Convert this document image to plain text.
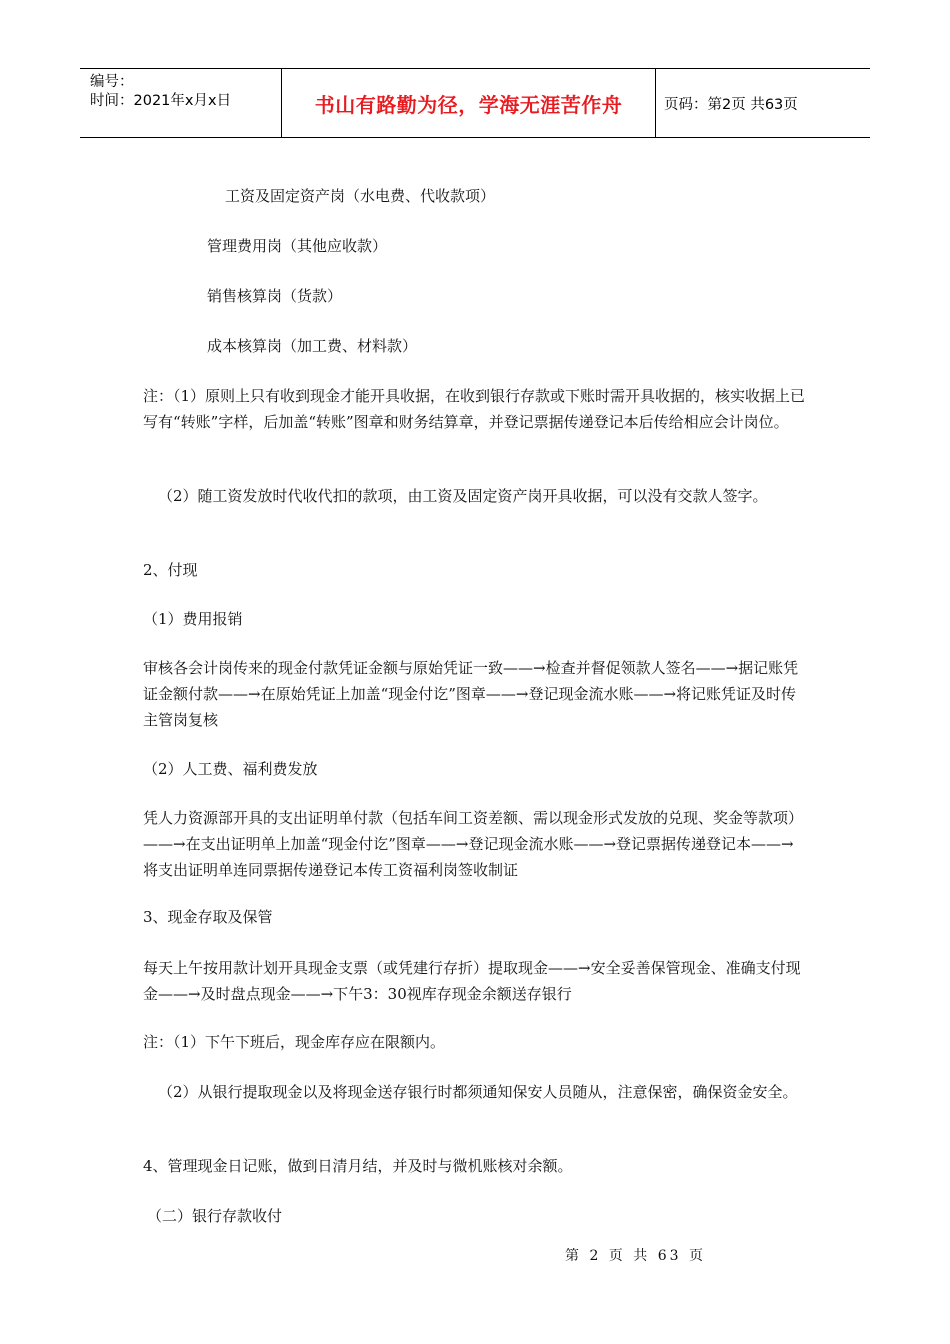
编号：
时间：2021年x月x日	书山有路勤为径，学海无涯苦作舟	页码：第2页 共63页
工资及固定资产岗（水电费、代收款项）
管理费用岗（其他应收款）
销售核算岗（货款）
成本核算岗（加工费、材料款）
注：（1）原则上只有收到现金才能开具收据，在收到银行存款或下账时需开具收据的，核实收据上已写有“转账”字样，后加盖“转账”图章和财务结算章，并登记票据传递登记本后传给相应会计岗位。
（2）随工资发放时代收代扣的款项，由工资及固定资产岗开具收据，可以没有交款人签字。
2、付现
（1）费用报销
审核各会计岗传来的现金付款凭证金额与原始凭证一致——→检查并督促领款人签名——→据记账凭证金额付款——→在原始凭证上加盖“现金付讫”图章——→登记现金流水账——→将记账凭证及时传主管岗复核
（2）人工费、福利费发放
凭人力资源部开具的支出证明单付款（包括车间工资差额、需以现金形式发放的兑现、奖金等款项）——→在支出证明单上加盖“现金付讫”图章——→登记现金流水账——→登记票据传递登记本——→将支出证明单连同票据传递登记本传工资福利岗签收制证
3、现金存取及保管
每天上午按用款计划开具现金支票（或凭建行存折）提取现金——→安全妥善保管现金、准确支付现金——→及时盘点现金——→下午3：30视库存现金余额送存银行
注：（1）下午下班后，现金库存应在限额内。
（2）从银行提取现金以及将现金送存银行时都须通知保安人员随从，注意保密，确保资金安全。
4、管理现金日记账，做到日清月结，并及时与微机账核对余额。
（二）银行存款收付
第 2 页 共 63 页
